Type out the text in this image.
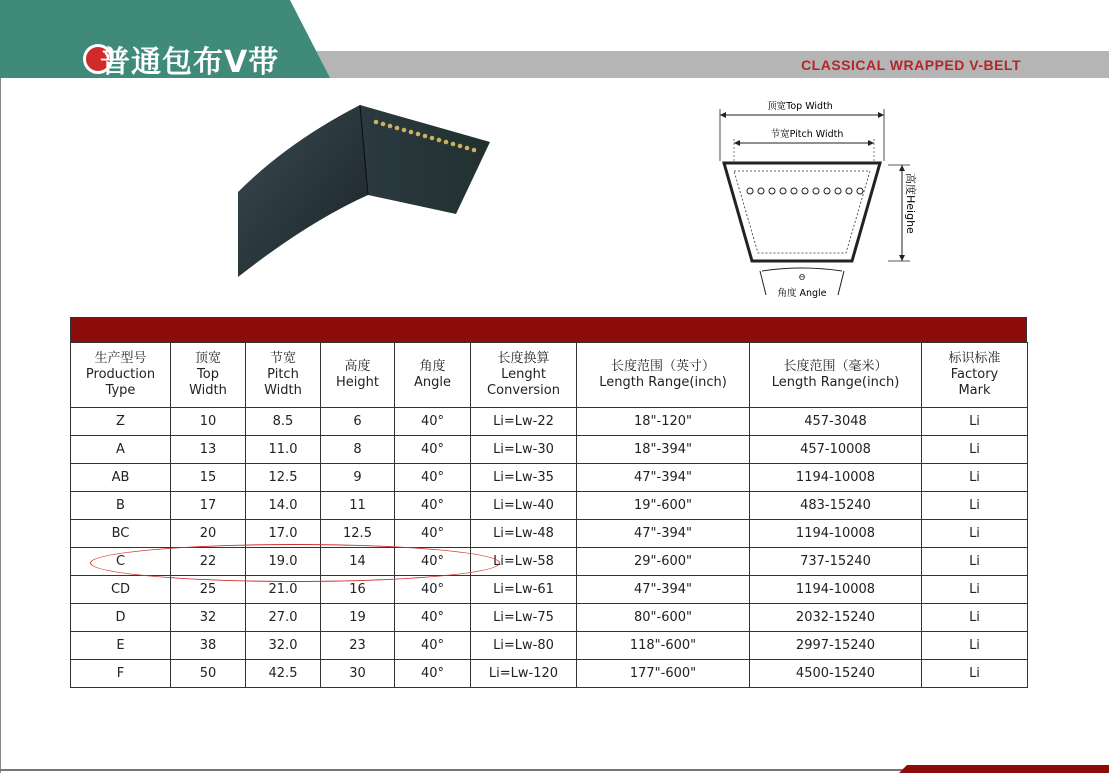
普通包布V带	CLASSICAL WRAPPED V-BELT
顶宽Top Width
节宽Pitch Width
高度Heighe
Θ
角度 Angle
生产型号
Production
Type	顶宽
Top
Width	节宽
Pitch
Width	高度
Height	角度
Angle	长度换算
Lenght
Conversion	长度范围（英寸）
Length Range(inch)	长度范围（毫米）
Length Range(inch)	标识标准
Factory
Mark

Z	10	8.5	6	40°	Li=Lw-22	18"-120"	457-3048	Li
A	13	11.0	8	40°	Li=Lw-30	18"-394"	457-10008	Li
AB	15	12.5	9	40°	Li=Lw-35	47"-394"	1194-10008	Li
B	17	14.0	11	40°	Li=Lw-40	19"-600"	483-15240	Li
BC	20	17.0	12.5	40°	Li=Lw-48	47"-394"	1194-10008	Li
C	22	19.0	14	40°	Li=Lw-58	29"-600"	737-15240	Li
CD	25	21.0	16	40°	Li=Lw-61	47"-394"	1194-10008	Li
D	32	27.0	19	40°	Li=Lw-75	80"-600"	2032-15240	Li
E	38	32.0	23	40°	Li=Lw-80	118"-600"	2997-15240	Li
F	50	42.5	30	40°	Li=Lw-120	177"-600"	4500-15240	Li
